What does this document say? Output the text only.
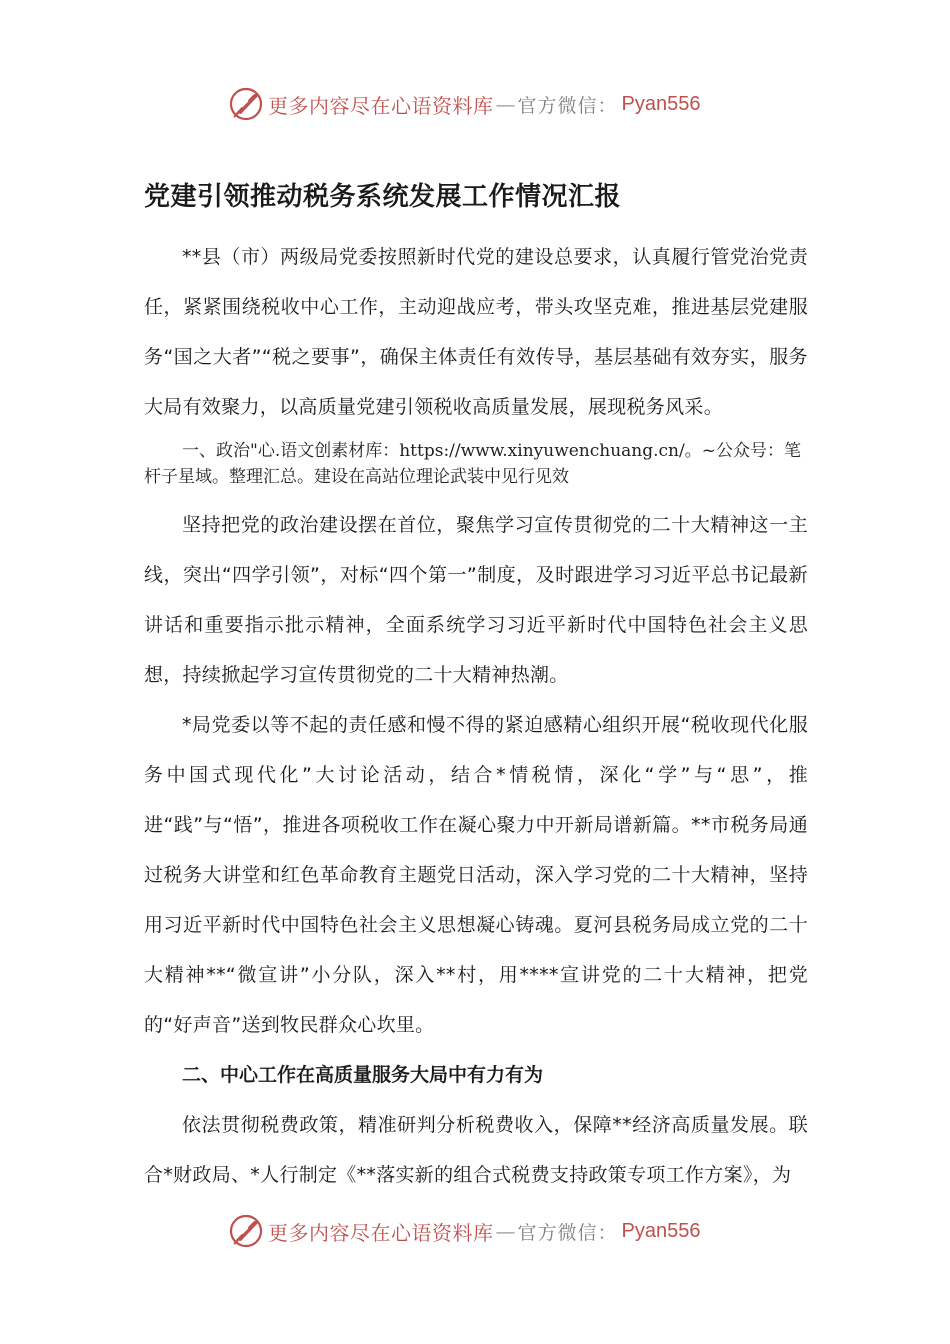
更多内容尽在心语资料库 — 官方微信： Pyan556
党建引领推动税务系统发展工作情况汇报

**县（市）两级局党委按照新时代党的建设总要求，认真履行管党治党责任，紧紧围绕税收中心工作，主动迎战应考，带头攻坚克难，推进基层党建服务“国之大者”“税之要事”，确保主体责任有效传导，基层基础有效夯实，服务大局有效聚力，以高质量党建引领税收高质量发展，展现税务风采。

一、政治"心.语文创素材库：https://www.xinyuwenchuang.cn/。~公众号：笔杆子星域。整理汇总。建设在高站位理论武装中见行见效

坚持把党的政治建设摆在首位，聚焦学习宣传贯彻党的二十大精神这一主线，突出“四学引领”，对标“四个第一”制度，及时跟进学习习近平总书记最新讲话和重要指示批示精神，全面系统学习习近平新时代中国特色社会主义思想，持续掀起学习宣传贯彻党的二十大精神热潮。

*局党委以等不起的责任感和慢不得的紧迫感精心组织开展“税收现代化服务中国式现代化”大讨论活动，结合*情税情，深化“学”与“思”，推进“践”与“悟”，推进各项税收工作在凝心聚力中开新局谱新篇。**市税务局通过税务大讲堂和红色革命教育主题党日活动，深入学习党的二十大精神，坚持用习近平新时代中国特色社会主义思想凝心铸魂。夏河县税务局成立党的二十大精神**“微宣讲”小分队，深入**村，用****宣讲党的二十大精神，把党的“好声音”送到牧民群众心坎里。

二、中心工作在高质量服务大局中有力有为

依法贯彻税费政策，精准研判分析税费收入，保障**经济高质量发展。联合*财政局、*人行制定《**落实新的组合式税费支持政策专项工作方案》，为

更多内容尽在心语资料库 — 官方微信： Pyan556
